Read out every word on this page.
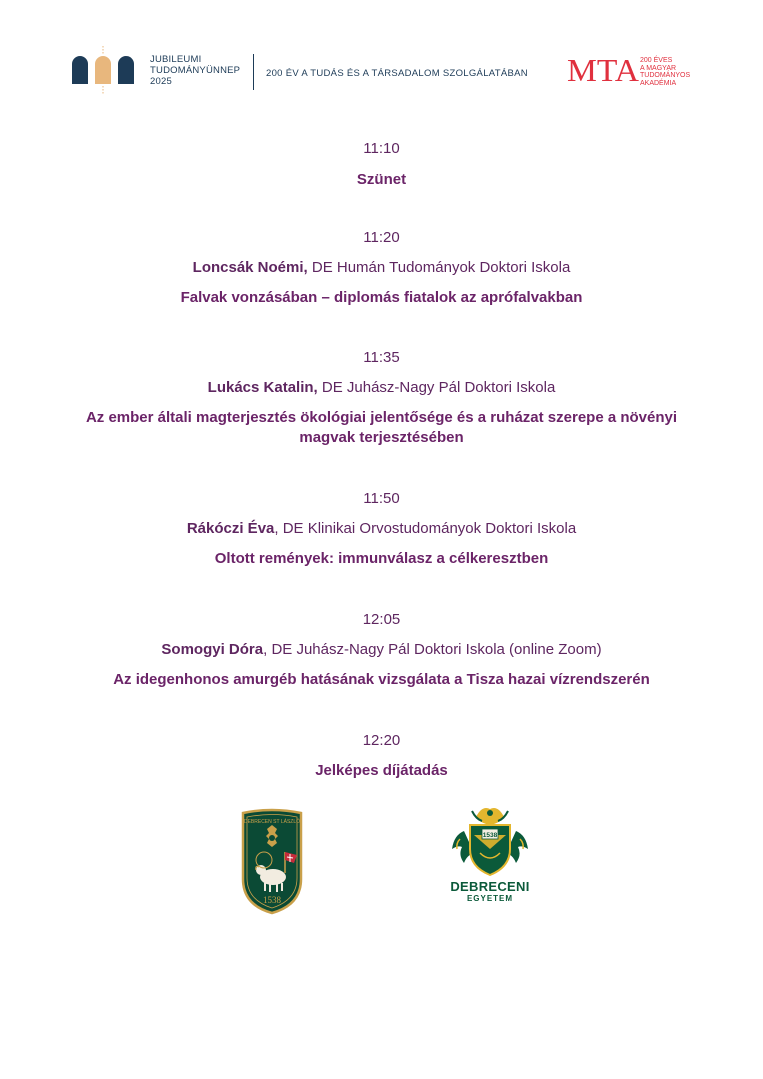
JUBILEUMI
TUDOMÁNYÜNNEP
2025
200 ÉV A TUDÁS ÉS A TÁRSADALOM SZOLGÁLATÁBAN MTA 200 ÉVES
A MAGYAR
TUDOMÁNYOS
AKADÉMIA

11:10

Szünet

11:20

Loncsák Noémi, DE Humán Tudományok Doktori Iskola

Falvak vonzásában – diplomás fiatalok az aprófalvakban

11:35

Lukács Katalin, DE Juhász-Nagy Pál Doktori Iskola

Az ember általi magterjesztés ökológiai jelentősége és a ruházat szerepe a növényi

magvak terjesztésében

11:50

Rákóczi Éva, DE Klinikai Orvostudományok Doktori Iskola

Oltott remények: immunválasz a célkeresztben

12:05

Somogyi Dóra, DE Juhász-Nagy Pál Doktori Iskola (online Zoom)

Az idegenhonos amurgéb hatásának vizsgálata a Tisza hazai vízrendszerén

12:20

Jelképes díjátadás

DEBRECEN ST LÁSZLÓ
1538
1538
DEBRECENI
EGYETEM
